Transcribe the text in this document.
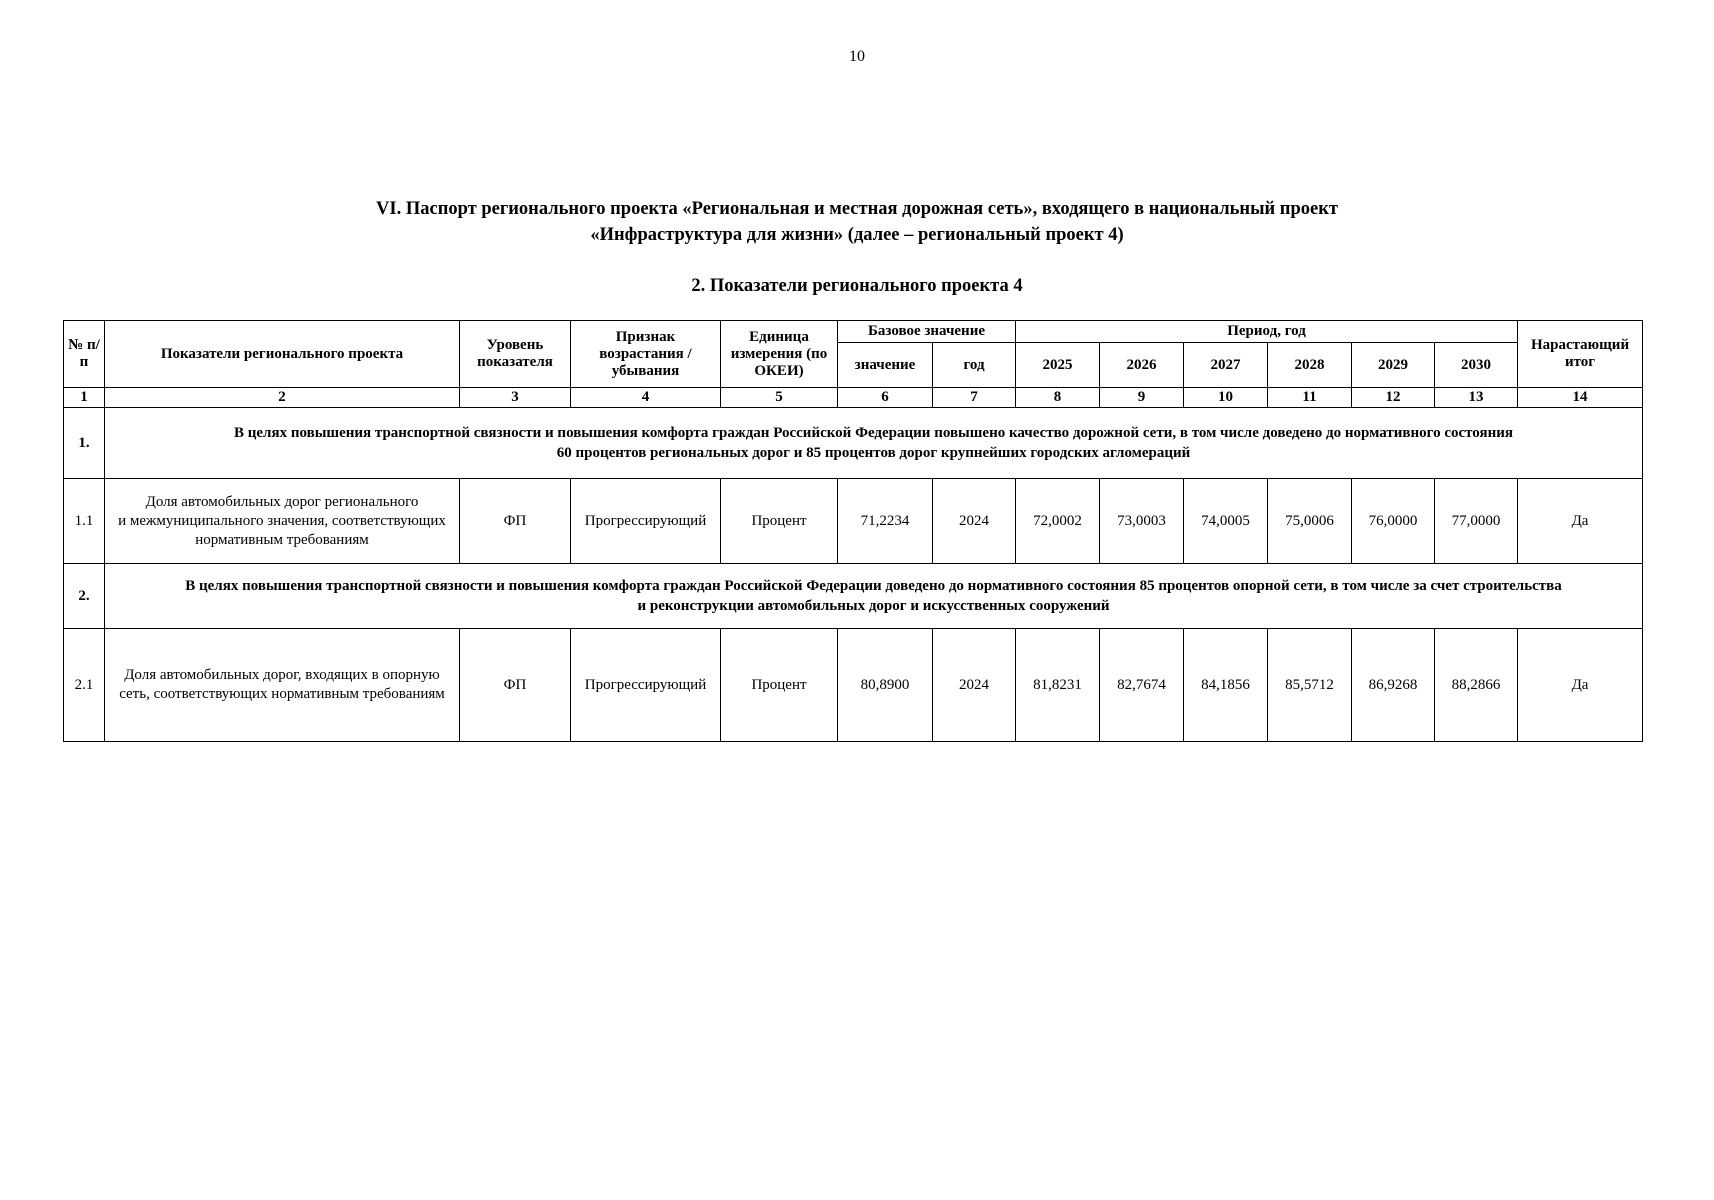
10
VI. Паспорт регионального проекта «Региональная и местная дорожная сеть», входящего в национальный проект
«Инфраструктура для жизни» (далее – региональный проект 4)
2. Показатели регионального проекта 4
№ п/п	Показатели регионального проекта	Уровень показателя	Признак возрастания / убывания	Единица измерения (по ОКЕИ)	Базовое значение		Период, год						Нарастающий итог
					значение	год	2025	2026	2027	2028	2029	2030	
1	2	3	4	5	6	7	8	9	10	11	12	13	14
1.	В целях повышения транспортной связности и повышения комфорта граждан Российской Федерации повышено качество дорожной сети, в том числе доведено до нормативного состояния
60 процентов региональных дорог и 85 процентов дорог крупнейших городских агломераций												

1.1	Доля автомобильных дорог регионального
и межмуниципального значения, соответствующих
нормативным требованиям	ФП	Прогрессирующий	Процент	71,2234	2024	72,0002	73,0003	74,0005	75,0006	76,0000	77,0000	Да
2.	В целях повышения транспортной связности и повышения комфорта граждан Российской Федерации доведено до нормативного состояния 85 процентов опорной сети, в том числе за счет строительства
и реконструкции автомобильных дорог и искусственных сооружений												

2.1	Доля автомобильных дорог, входящих в опорную
сеть, соответствующих нормативным требованиям	ФП	Прогрессирующий	Процент	80,8900	2024	81,8231	82,7674	84,1856	85,5712	86,9268	88,2866	Да
